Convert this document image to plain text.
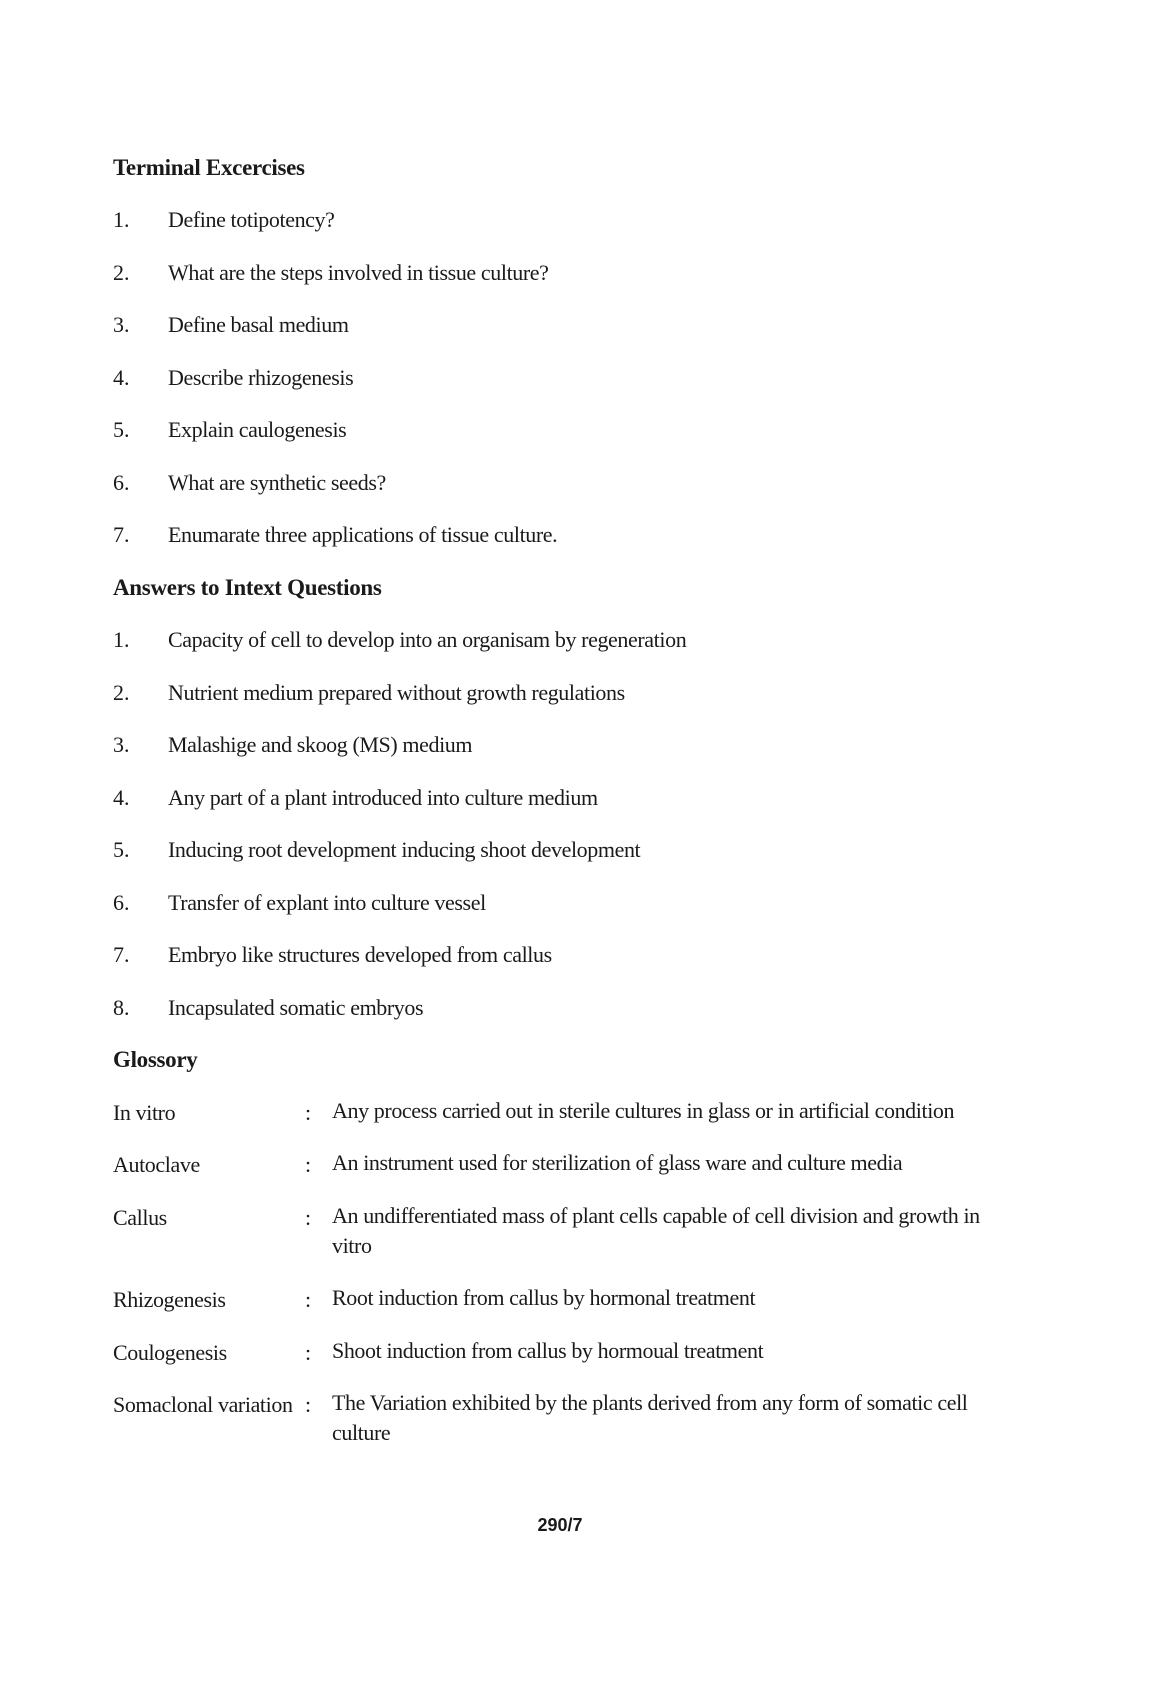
Terminal Excercises
1. Define totipotency?
2. What are the steps involved in tissue culture?
3. Define basal medium
4. Describe rhizogenesis
5. Explain caulogenesis
6. What are synthetic seeds?
7. Enumarate three applications of tissue culture.
Answers to Intext Questions
1. Capacity of cell to develop into an organisam by regeneration
2. Nutrient medium prepared without growth regulations
3. Malashige and skoog (MS) medium
4. Any part of a plant introduced into culture medium
5. Inducing root development inducing shoot development
6. Transfer of explant into culture vessel
7. Embryo like structures developed from callus
8. Incapsulated somatic embryos
Glossory
In vitro	: Any process carried out in sterile cultures in glass or in artificial condition
Autoclave	: An instrument used for sterilization of glass ware and culture media
Callus	: An undifferentiated mass of plant cells capable of cell division and growth in vitro
Rhizogenesis	: Root induction from callus by hormonal treatment
Coulogenesis	: Shoot induction from callus by hormoual treatment
Somaclonal variation : The Variation exhibited by the plants derived from any form of somatic cell culture
290/7
